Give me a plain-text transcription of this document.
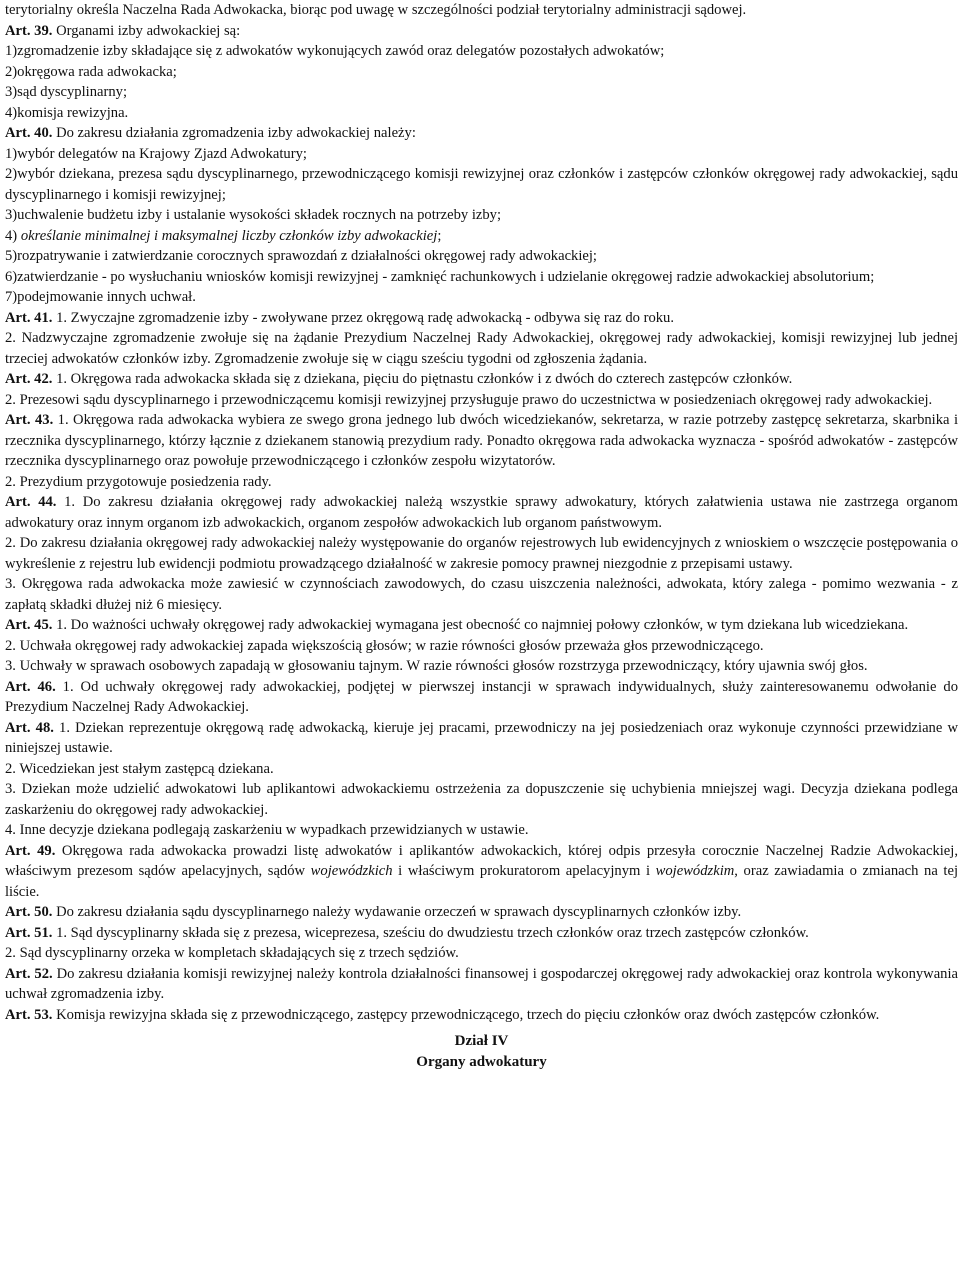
terytorialny określa Naczelna Rada Adwokacka, biorąc pod uwagę w szczególności podział terytorialny administracji sądowej.

Art. 39. Organami izby adwokackiej są:

1)zgromadzenie izby składające się z adwokatów wykonujących zawód oraz delegatów pozostałych adwokatów;

2)okręgowa rada adwokacka;

3)sąd dyscyplinarny;

4)komisja rewizyjna.

Art. 40. Do zakresu działania zgromadzenia izby adwokackiej należy:

1)wybór delegatów na Krajowy Zjazd Adwokatury;

2)wybór dziekana, prezesa sądu dyscyplinarnego, przewodniczącego komisji rewizyjnej oraz członków i zastępców członków okręgowej rady adwokackiej, sądu dyscyplinarnego i komisji rewizyjnej;

3)uchwalenie budżetu izby i ustalanie wysokości składek rocznych na potrzeby izby;

4) określanie minimalnej i maksymalnej liczby członków izby adwokackiej;

5)rozpatrywanie i zatwierdzanie corocznych sprawozdań z działalności okręgowej rady adwokackiej;

6)zatwierdzanie - po wysłuchaniu wniosków komisji rewizyjnej - zamknięć rachunkowych i udzielanie okręgowej radzie adwokackiej absolutorium;

7)podejmowanie innych uchwał.

Art. 41. 1. Zwyczajne zgromadzenie izby - zwoływane przez okręgową radę adwokacką - odbywa się raz do roku.

2. Nadzwyczajne zgromadzenie zwołuje się na żądanie Prezydium Naczelnej Rady Adwokackiej, okręgowej rady adwokackiej, komisji rewizyjnej lub jednej trzeciej adwokatów członków izby. Zgromadzenie zwołuje się w ciągu sześciu tygodni od zgłoszenia żądania.

Art. 42. 1. Okręgowa rada adwokacka składa się z dziekana, pięciu do piętnastu członków i z dwóch do czterech zastępców członków.

2. Prezesowi sądu dyscyplinarnego i przewodniczącemu komisji rewizyjnej przysługuje prawo do uczestnictwa w posiedzeniach okręgowej rady adwokackiej.

Art. 43. 1. Okręgowa rada adwokacka wybiera ze swego grona jednego lub dwóch wicedziekanów, sekretarza, w razie potrzeby zastępcę sekretarza, skarbnika i rzecznika dyscyplinarnego, którzy łącznie z dziekanem stanowią prezydium rady. Ponadto okręgowa rada adwokacka wyznacza - spośród adwokatów - zastępców rzecznika dyscyplinarnego oraz powołuje przewodniczącego i członków zespołu wizytatorów.

2. Prezydium przygotowuje posiedzenia rady.

Art. 44. 1. Do zakresu działania okręgowej rady adwokackiej należą wszystkie sprawy adwokatury, których załatwienia ustawa nie zastrzega organom adwokatury oraz innym organom izb adwokackich, organom zespołów adwokackich lub organom państwowym.

2. Do zakresu działania okręgowej rady adwokackiej należy występowanie do organów rejestrowych lub ewidencyjnych z wnioskiem o wszczęcie postępowania o wykreślenie z rejestru lub ewidencji podmiotu prowadzącego działalność w zakresie pomocy prawnej niezgodnie z przepisami ustawy.

3. Okręgowa rada adwokacka może zawiesić w czynnościach zawodowych, do czasu uiszczenia należności, adwokata, który zalega - pomimo wezwania - z zapłatą składki dłużej niż 6 miesięcy.

Art. 45. 1. Do ważności uchwały okręgowej rady adwokackiej wymagana jest obecność co najmniej połowy członków, w tym dziekana lub wicedziekana.

2. Uchwała okręgowej rady adwokackiej zapada większością głosów; w razie równości głosów przeważa głos przewodniczącego.

3. Uchwały w sprawach osobowych zapadają w głosowaniu tajnym. W razie równości głosów rozstrzyga przewodniczący, który ujawnia swój głos.

Art. 46. 1. Od uchwały okręgowej rady adwokackiej, podjętej w pierwszej instancji w sprawach indywidualnych, służy zainteresowanemu odwołanie do Prezydium Naczelnej Rady Adwokackiej.

Art. 48. 1. Dziekan reprezentuje okręgową radę adwokacką, kieruje jej pracami, przewodniczy na jej posiedzeniach oraz wykonuje czynności przewidziane w niniejszej ustawie.

2. Wicedziekan jest stałym zastępcą dziekana.

3. Dziekan może udzielić adwokatowi lub aplikantowi adwokackiemu ostrzeżenia za dopuszczenie się uchybienia mniejszej wagi. Decyzja dziekana podlega zaskarżeniu do okręgowej rady adwokackiej.

4. Inne decyzje dziekana podlegają zaskarżeniu w wypadkach przewidzianych w ustawie.

Art. 49. Okręgowa rada adwokacka prowadzi listę adwokatów i aplikantów adwokackich, której odpis przesyła corocznie Naczelnej Radzie Adwokackiej, właściwym prezesom sądów apelacyjnych, sądów wojewódzkich i właściwym prokuratorom apelacyjnym i wojewódzkim, oraz zawiadamia o zmianach na tej liście.

Art. 50. Do zakresu działania sądu dyscyplinarnego należy wydawanie orzeczeń w sprawach dyscyplinarnych członków izby.

Art. 51. 1. Sąd dyscyplinarny składa się z prezesa, wiceprezesa, sześciu do dwudziestu trzech członków oraz trzech zastępców członków.

2. Sąd dyscyplinarny orzeka w kompletach składających się z trzech sędziów.

Art. 52. Do zakresu działania komisji rewizyjnej należy kontrola działalności finansowej i gospodarczej okręgowej rady adwokackiej oraz kontrola wykonywania uchwał zgromadzenia izby.

Art. 53. Komisja rewizyjna składa się z przewodniczącego, zastępcy przewodniczącego, trzech do pięciu członków oraz dwóch zastępców członków.

Dział IV
Organy adwokatury
